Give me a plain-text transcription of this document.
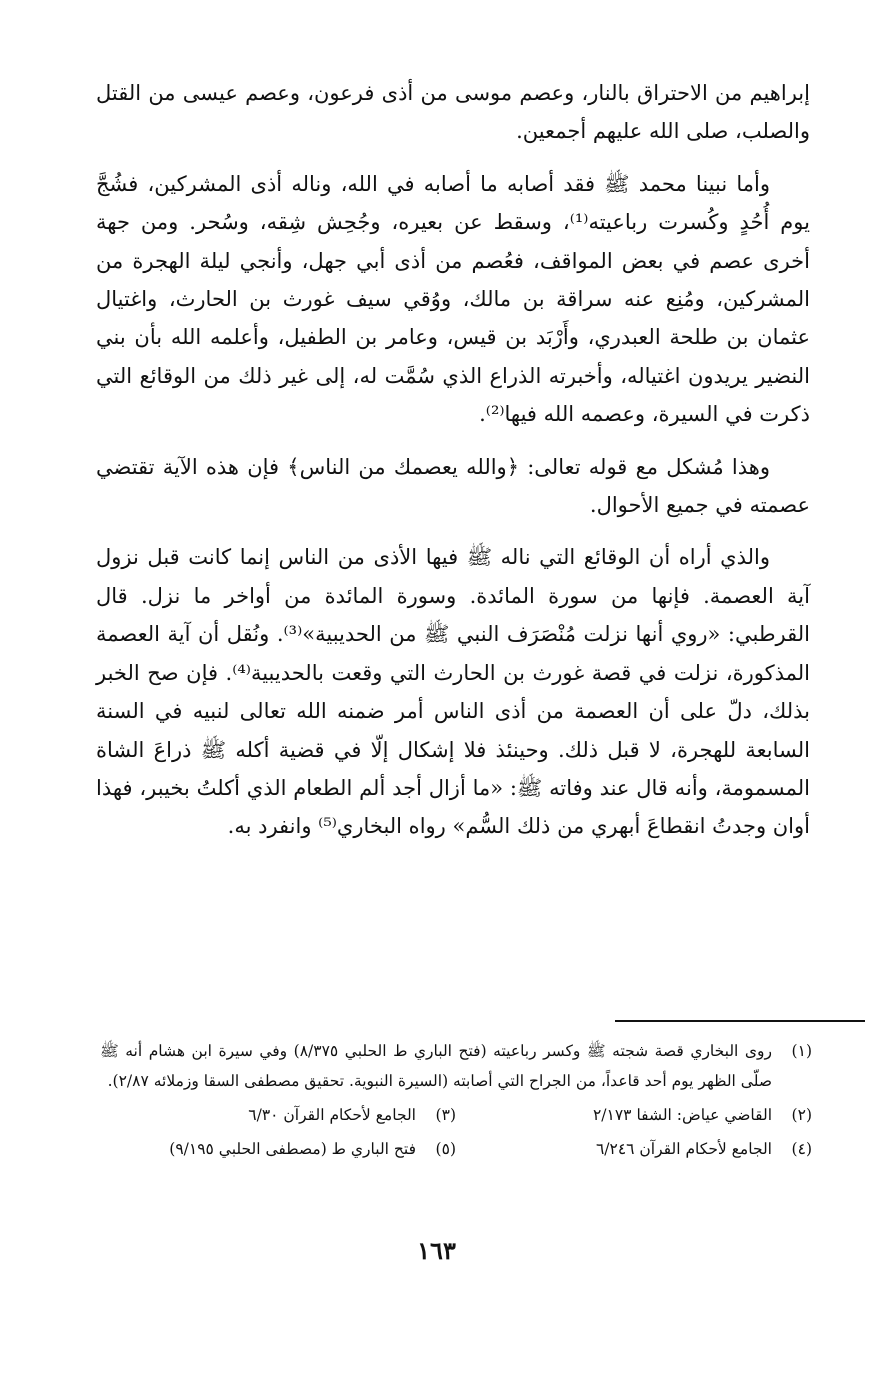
إبراهيم من الاحتراق بالنار، وعصم موسى من أذى فرعون، وعصم عيسى من القتل والصلب، صلى الله عليهم أجمعين.

وأما نبينا محمد ﷺ فقد أصابه ما أصابه في الله، وناله أذى المشركين، فشُجَّ يوم أُحُدٍ وكُسرت رباعيته⁽¹⁾، وسقط عن بعيره، وجُحِش شِقه، وسُحر. ومن جهة أخرى عصم في بعض المواقف، فعُصم من أذى أبي جهل، وأنجي ليلة الهجرة من المشركين، ومُنِع عنه سراقة بن مالك، ووُقي سيف غورث بن الحارث، واغتيال عثمان بن طلحة العبدري، وأَرْبَد بن قيس، وعامر بن الطفيل، وأعلمه الله بأن بني النضير يريدون اغتياله، وأخبرته الذراع الذي سُمَّت له، إلى غير ذلك من الوقائع التي ذكرت في السيرة، وعصمه الله فيها⁽²⁾.

وهذا مُشكل مع قوله تعالى: ﴿والله يعصمك من الناس﴾ فإن هذه الآية تقتضي عصمته في جميع الأحوال.

والذي أراه أن الوقائع التي ناله ﷺ فيها الأذى من الناس إنما كانت قبل نزول آية العصمة. فإنها من سورة المائدة. وسورة المائدة من أواخر ما نزل. قال القرطبي: «روي أنها نزلت مُنْصَرَف النبي ﷺ من الحديبية»⁽³⁾. ونُقل أن آية العصمة المذكورة، نزلت في قصة غورث بن الحارث التي وقعت بالحديبية⁽⁴⁾. فإن صح الخبر بذلك، دلّ على أن العصمة من أذى الناس أمر ضمنه الله تعالى لنبيه في السنة السابعة للهجرة، لا قبل ذلك. وحينئذ فلا إشكال إلّا في قضية أكله ﷺ ذراعَ الشاة المسمومة، وأنه قال عند وفاته ﷺ: «ما أزال أجد ألم الطعام الذي أكلتُ بخيبر، فهذا أوان وجدتُ انقطاعَ أبهري من ذلك السُّم» رواه البخاري⁽⁵⁾ وانفرد به.

(١)
روى البخاري قصة شجته ﷺ وكسر رباعيته (فتح الباري ط الحلبي ٨/٣٧٥) وفي سيرة ابن هشام أنه ﷺ صلّى الظهر يوم أحد قاعداً، من الجراح التي أصابته (السيرة النبوية. تحقيق مصطفى السقا وزملائه ٢/٨٧).
(٢)
القاضي عياض: الشفا ٢/١٧٣
(٣)
الجامع لأحكام القرآن ٦/٣٠
(٤)
الجامع لأحكام القرآن ٦/٢٤٦
(٥)
فتح الباري ط (مصطفى الحلبي ٩/١٩٥)
١٦٣
